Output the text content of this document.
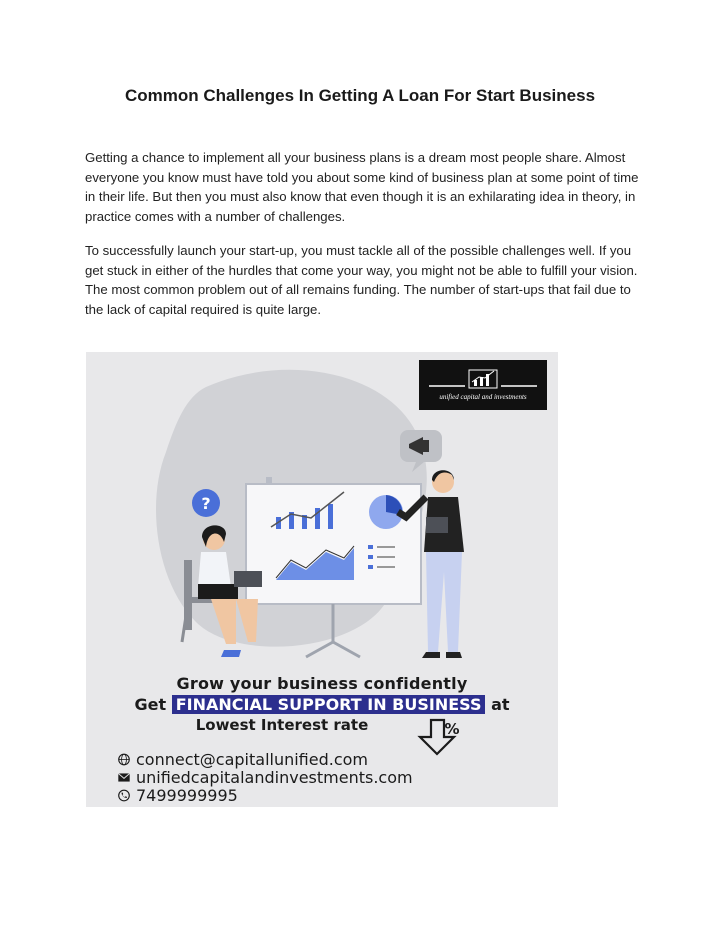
Common Challenges In Getting A Loan For Start Business

Getting a chance to implement all your business plans is a dream most people share. Almost everyone you know must have told you about some kind of business plan at some point of time in their life. But then you must also know that even though it is an exhilarating idea in theory, in practice comes with a number of challenges.

To successfully launch your start-up, you must tackle all of the possible challenges well. If you get stuck in either of the hurdles that come your way, you might not be able to fulfill your vision. The most common problem out of all remains funding. The number of start-ups that fail due to the lack of capital required is quite large.

?
%
unified capital and investments
Grow your business confidently
Get FINANCIAL SUPPORT IN BUSINESS at
Lowest Interest rate
connect@capitallunified.com
unifiedcapitalandinvestments.com
7499999995
